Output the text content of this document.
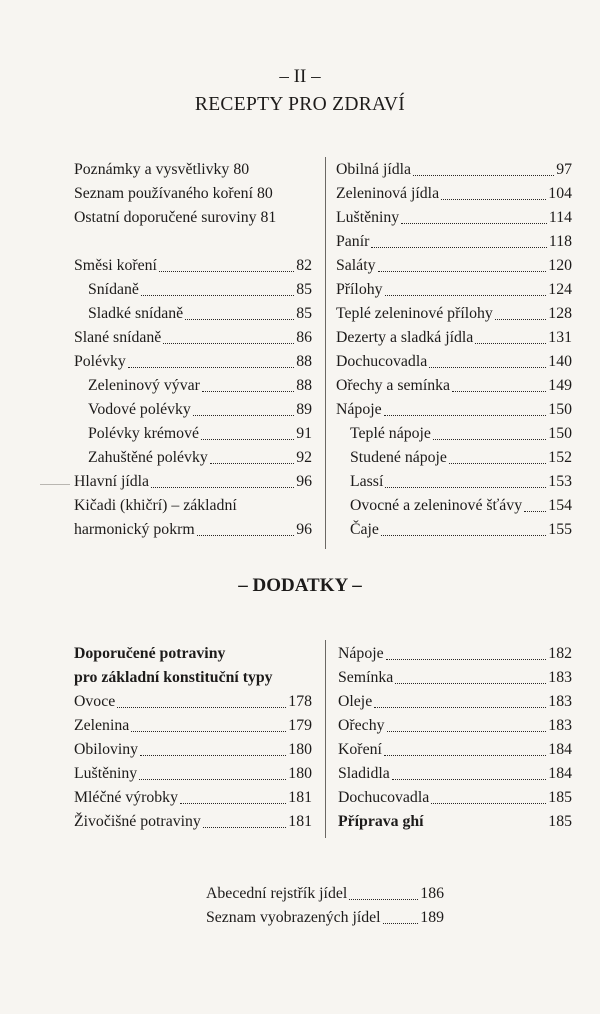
– II –
RECEPTY PRO ZDRAVÍ
Poznámky a vysvětlivky 80
Seznam používaného koření 80
Ostatní doporučené suroviny 81
Směsi koření	82
Snídaně	85
Sladké snídaně	85
Slané snídaně	86
Polévky	88
Zeleninový vývar	88
Vodové polévky	89
Polévky krémové	91
Zahuštěné polévky	92
Hlavní jídla	96
Kičadi (khičrí) – základní
harmonický pokrm	96
Obilná jídla	97
Zeleninová jídla	104
Luštěniny	114
Panír	118
Saláty	120
Přílohy	124
Teplé zeleninové přílohy	128
Dezerty a sladká jídla	131
Dochucovadla	140
Ořechy a semínka	149
Nápoje	150
Teplé nápoje	150
Studené nápoje	152
Lassí	153
Ovocné a zeleninové šťávy 154
Čaje	155
– DODATKY –
Doporučené potraviny
pro základní konstituční typy
Ovoce	178
Zelenina	179
Obiloviny	180
Luštěniny	180
Mléčné výrobky	181
Živočišné potraviny	181
Nápoje	182
Semínka	183
Oleje	183
Ořechy	183
Koření	184
Sladidla	184
Dochucovadla	185
Příprava ghí	185
Abecední rejstřík jídel	186
Seznam vyobrazených jídel	189
